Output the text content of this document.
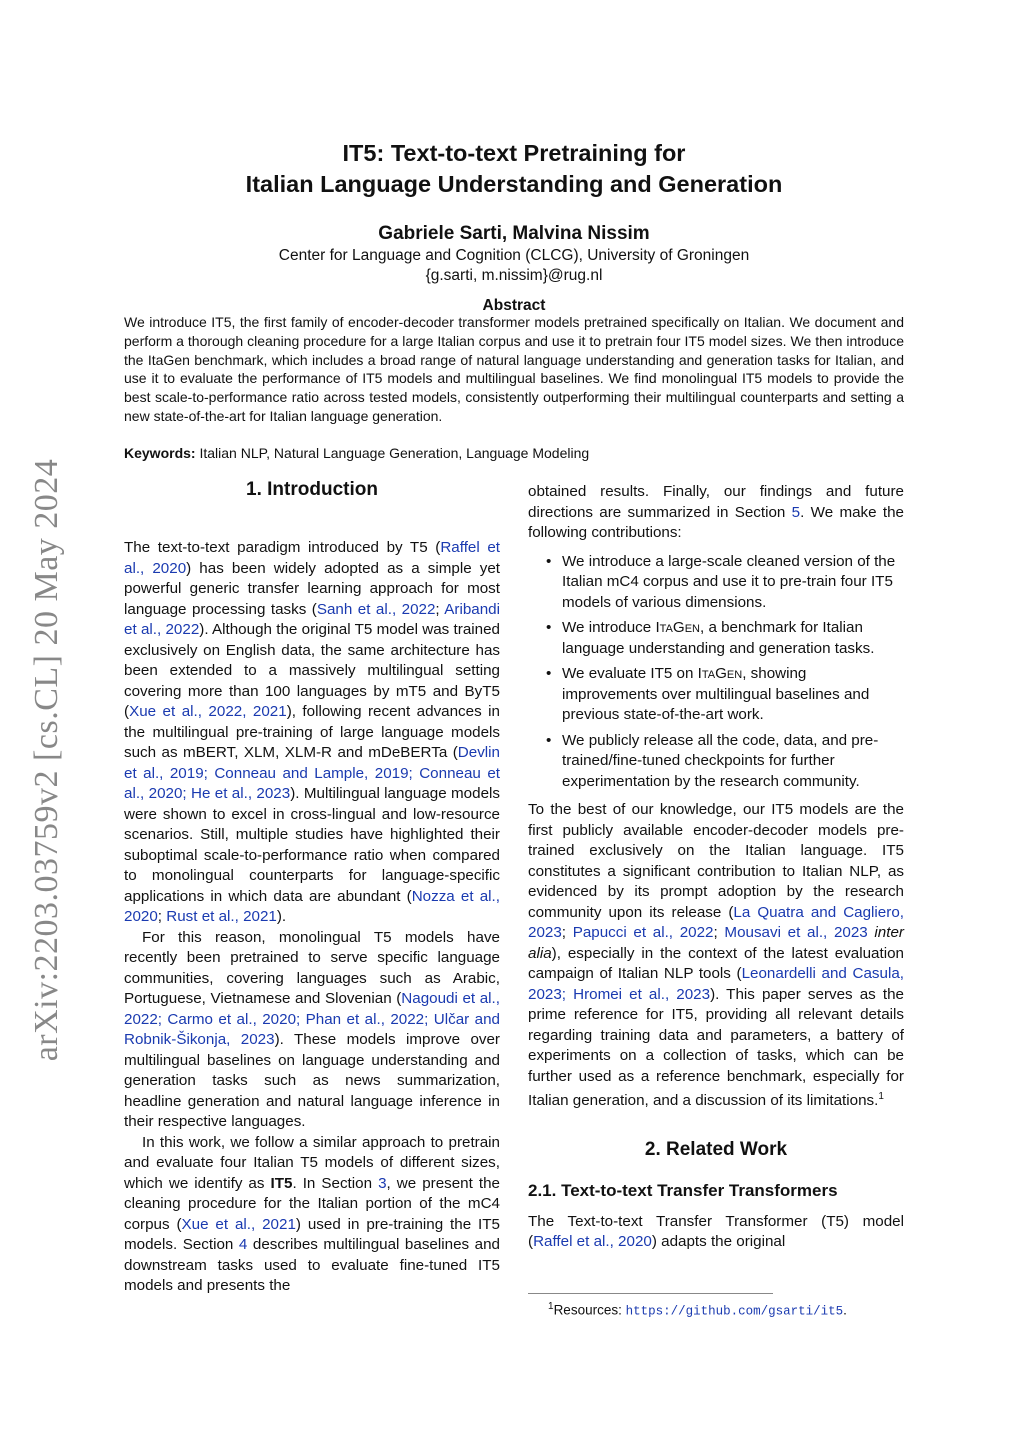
arXiv:2203.03759v2 [cs.CL] 20 May 2024
IT5: Text-to-text Pretraining for
Italian Language Understanding and Generation
Gabriele Sarti, Malvina Nissim
Center for Language and Cognition (CLCG), University of Groningen
{g.sarti, m.nissim}@rug.nl
Abstract
We introduce IT5, the first family of encoder-decoder transformer models pretrained specifically on Italian. We document and perform a thorough cleaning procedure for a large Italian corpus and use it to pretrain four IT5 model sizes. We then introduce the ItaGen benchmark, which includes a broad range of natural language understanding and generation tasks for Italian, and use it to evaluate the performance of IT5 models and multilingual baselines. We find monolingual IT5 models to provide the best scale-to-performance ratio across tested models, consistently outperforming their multilingual counterparts and setting a new state-of-the-art for Italian language generation.
Keywords: Italian NLP, Natural Language Generation, Language Modeling
1. Introduction

The text-to-text paradigm introduced by T5 (Raffel et al., 2020) has been widely adopted as a simple yet powerful generic transfer learning approach for most language processing tasks (Sanh et al., 2022; Aribandi et al., 2022). Although the original T5 model was trained exclusively on English data, the same architecture has been extended to a massively multilingual setting covering more than 100 languages by mT5 and ByT5 (Xue et al., 2022, 2021), following recent advances in the multilingual pre-training of large language models such as mBERT, XLM, XLM-R and mDeBERTa (Devlin et al., 2019; Conneau and Lample, 2019; Conneau et al., 2020; He et al., 2023). Multilingual language models were shown to excel in cross-lingual and low-resource scenarios. Still, multiple studies have highlighted their suboptimal scale-to-performance ratio when compared to monolingual counterparts for language-specific applications in which data are abundant (Nozza et al., 2020; Rust et al., 2021).

For this reason, monolingual T5 models have recently been pretrained to serve specific language communities, covering languages such as Arabic, Portuguese, Vietnamese and Slovenian (Nagoudi et al., 2022; Carmo et al., 2020; Phan et al., 2022; Ulčar and Robnik-Šikonja, 2023). These models improve over multilingual baselines on language understanding and generation tasks such as news summarization, headline generation and natural language inference in their respective languages.

In this work, we follow a similar approach to pretrain and evaluate four Italian T5 models of different sizes, which we identify as IT5. In Section 3, we present the cleaning procedure for the Italian portion of the mC4 corpus (Xue et al., 2021) used in pre-training the IT5 models. Section 4 describes multilingual baselines and downstream tasks used to evaluate fine-tuned IT5 models and presents the

obtained results. Finally, our findings and future directions are summarized in Section 5. We make the following contributions:

• We introduce a large-scale cleaned version of the Italian mC4 corpus and use it to pre-train four IT5 models of various dimensions.
• We introduce ItaGen, a benchmark for Italian language understanding and generation tasks.
• We evaluate IT5 on ItaGen, showing improvements over multilingual baselines and previous state-of-the-art work.
• We publicly release all the code, data, and pre-trained/fine-tuned checkpoints for further experimentation by the research community.

To the best of our knowledge, our IT5 models are the first publicly available encoder-decoder models pre-trained exclusively on the Italian language. IT5 constitutes a significant contribution to Italian NLP, as evidenced by its prompt adoption by the research community upon its release (La Quatra and Cagliero, 2023; Papucci et al., 2022; Mousavi et al., 2023 inter alia), especially in the context of the latest evaluation campaign of Italian NLP tools (Leonardelli and Casula, 2023; Hromei et al., 2023). This paper serves as the prime reference for IT5, providing all relevant details regarding training data and parameters, a battery of experiments on a collection of tasks, which can be further used as a reference benchmark, especially for Italian generation, and a discussion of its limitations.$^1$

2. Related Work
2.1. Text-to-text Transfer Transformers

The Text-to-text Transfer Transformer (T5) model (Raffel et al., 2020) adapts the original

$^1$Resources: https://github.com/gsarti/it5.
